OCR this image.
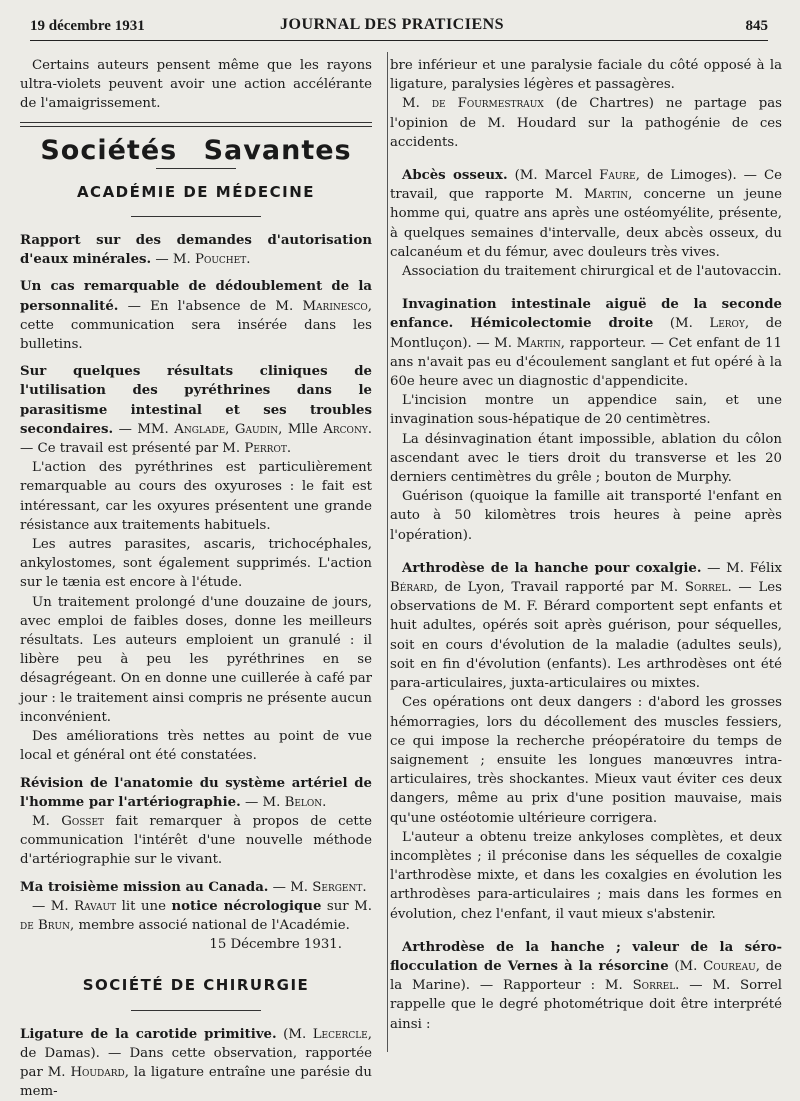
19 décembre 1931	JOURNAL DES PRATICIENS	845

Certains auteurs pensent même que les rayons ultra-violets peuvent avoir une action accélérante de l'amaigrissement.

Sociétés Savantes
ACADÉMIE DE MÉDECINE

Rapport sur des demandes d'autorisation d'eaux minérales. — M. Pouchet.

Un cas remarquable de dédoublement de la personnalité. — En l'absence de M. Marinesco, cette communication sera insérée dans les bulletins.

Sur quelques résultats cliniques de l'utilisation des pyréthrines dans le parasitisme intestinal et ses troubles secondaires. — MM. Anglade, Gaudin, Mlle Arcony. — Ce travail est présenté par M. Perrot.

L'action des pyréthrines est particulièrement remarquable au cours des oxyuroses : le fait est intéressant, car les oxyures présentent une grande résistance aux traitements habituels.

Les autres parasites, ascaris, trichocéphales, ankylostomes, sont également supprimés. L'action sur le tænia est encore à l'étude.

Un traitement prolongé d'une douzaine de jours, avec emploi de faibles doses, donne les meilleurs résultats. Les auteurs emploient un granulé : il libère peu à peu les pyréthrines en se désagrégeant. On en donne une cuillerée à café par jour : le traitement ainsi compris ne présente aucun inconvénient.

Des améliorations très nettes au point de vue local et général ont été constatées.

Révision de l'anatomie du système artériel de l'homme par l'artériographie. — M. Belon.

M. Gosset fait remarquer à propos de cette communication l'intérêt d'une nouvelle méthode d'artériographie sur le vivant.

Ma troisième mission au Canada. — M. Sergent.

— M. Ravaut lit une notice nécrologique sur M. de Brun, membre associé national de l'Académie.

15 Décembre 1931.

SOCIÉTÉ DE CHIRURGIE

Ligature de la carotide primitive. (M. Lecercle, de Damas). — Dans cette observation, rapportée par M. Houdard, la ligature entraîne une parésie du mem-

bre inférieur et une paralysie faciale du côté opposé à la ligature, paralysies légères et passagères.

M. de Fourmestraux (de Chartres) ne partage pas l'opinion de M. Houdard sur la pathogénie de ces accidents.

Abcès osseux. (M. Marcel Faure, de Limoges). — Ce travail, que rapporte M. Martin, concerne un jeune homme qui, quatre ans après une ostéomyélite, présente, à quelques semaines d'intervalle, deux abcès osseux, du calcanéum et du fémur, avec douleurs très vives.

Association du traitement chirurgical et de l'autovaccin.

Invagination intestinale aiguë de la seconde enfance. Hémicolectomie droite (M. Leroy, de Montluçon). — M. Martin, rapporteur. — Cet enfant de 11 ans n'avait pas eu d'écoulement sanglant et fut opéré à la 60e heure avec un diagnostic d'appendicite.

L'incision montre un appendice sain, et une invagination sous-hépatique de 20 centimètres.

La désinvagination étant impossible, ablation du côlon ascendant avec le tiers droit du transverse et les 20 derniers centimètres du grêle ; bouton de Murphy.

Guérison (quoique la famille ait transporté l'enfant en auto à 50 kilomètres trois heures à peine après l'opération).

Arthrodèse de la hanche pour coxalgie. — M. Félix Bérard, de Lyon, Travail rapporté par M. Sorrel. — Les observations de M. F. Bérard comportent sept enfants et huit adultes, opérés soit après guérison, pour séquelles, soit en cours d'évolution de la maladie (adultes seuls), soit en fin d'évolution (enfants). Les arthrodèses ont été para-articulaires, juxta-articulaires ou mixtes.

Ces opérations ont deux dangers : d'abord les grosses hémorragies, lors du décollement des muscles fessiers, ce qui impose la recherche préopératoire du temps de saignement ; ensuite les longues manœuvres intra-articulaires, très shockantes. Mieux vaut éviter ces deux dangers, même au prix d'une position mauvaise, mais qu'une ostéotomie ultérieure corrigera.

L'auteur a obtenu treize ankyloses complètes, et deux incomplètes ; il préconise dans les séquelles de coxalgie l'arthrodèse mixte, et dans les coxalgies en évolution les arthrodèses para-articulaires ; mais dans les formes en évolution, chez l'enfant, il vaut mieux s'abstenir.

Arthrodèse de la hanche ; valeur de la séro-flocculation de Vernes à la résorcine (M. Coureau, de la Marine). — Rapporteur : M. Sorrel. — M. Sorrel rappelle que le degré photométrique doit être interprété ainsi :
